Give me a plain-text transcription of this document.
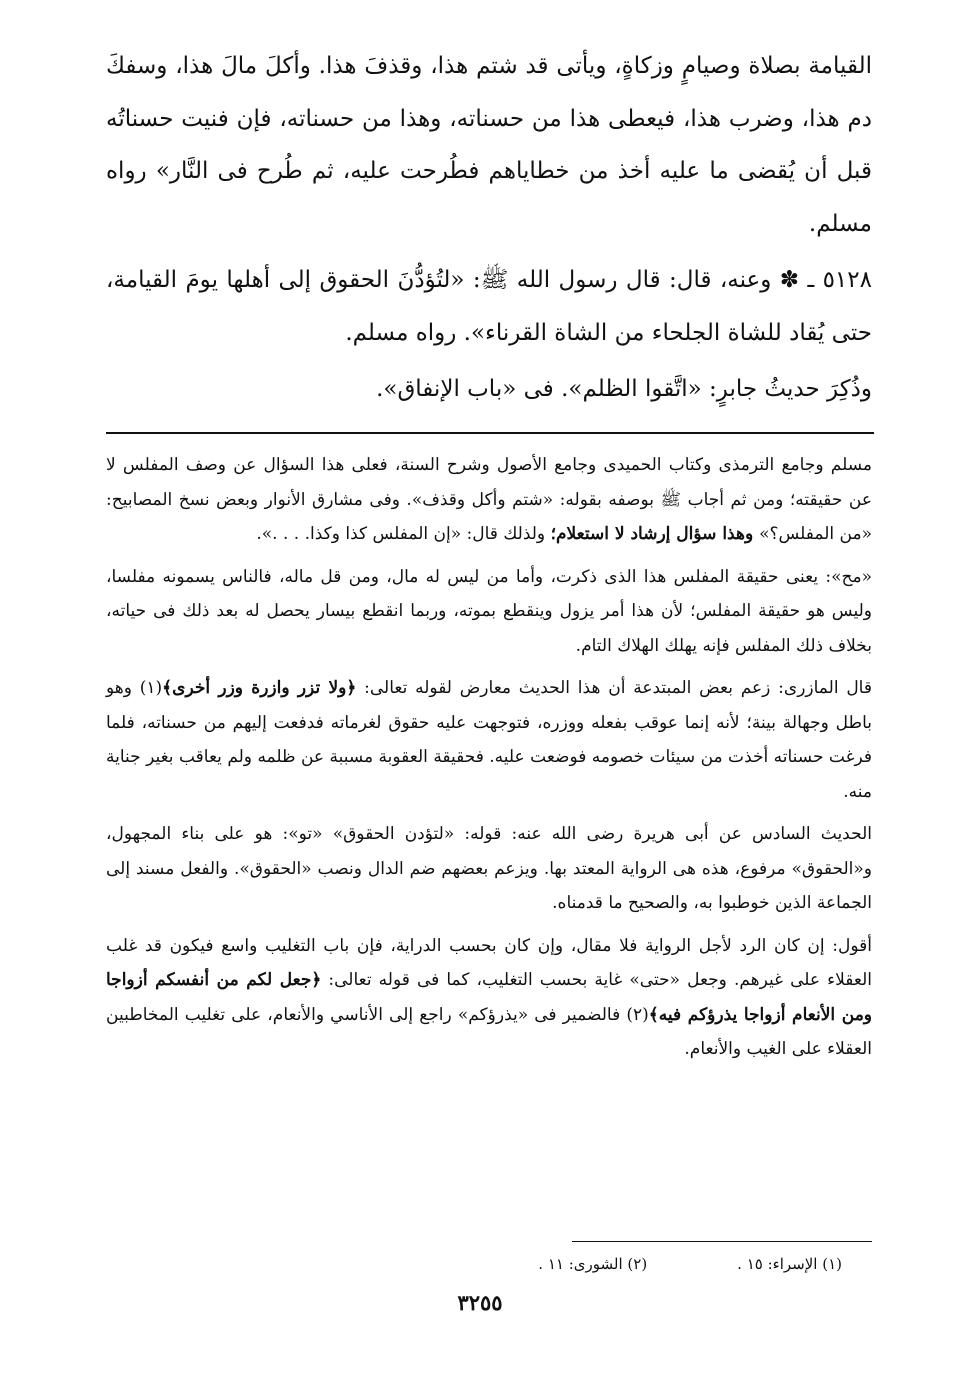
القيامة بصلاة وصيامٍ وزكاةٍ، ويأتى قد شتم هذا، وقذفَ هذا. وأكلَ مالَ هذا، وسفكَ دم هذا، وضرب هذا، فيعطى هذا من حسناته، وهذا من حسناته، فإن فنيت حسناتُه قبل أن يُقضى ما عليه أخذ من خطاياهم فطُرحت عليه، ثم طُرح فى النَّار» رواه مسلم.

٥١٢٨ ـ ✽ وعنه، قال: قال رسول الله ﷺ: «لتُؤدُّنَ الحقوق إلى أهلها يومَ القيامة، حتى يُقاد للشاة الجلحاء من الشاة القرناء». رواه مسلم.

وذُكِرَ حديثُ جابرٍ: «اتَّقوا الظلم». فى «باب الإنفاق».

مسلم وجامع الترمذى وكتاب الحميدى وجامع الأصول وشرح السنة، فعلى هذا السؤال عن وصف المفلس لا عن حقيقته؛ ومن ثم أجاب ﷺ بوصفه بقوله: «شتم وأكل وقذف». وفى مشارق الأنوار وبعض نسخ المصابيح: «من المفلس؟» وهذا سؤال إرشاد لا استعلام؛ ولذلك قال: «إن المفلس كذا وكذا. . . .».

«مح»: يعنى حقيقة المفلس هذا الذى ذكرت، وأما من ليس له مال، ومن قل ماله، فالناس يسمونه مفلسا، وليس هو حقيقة المفلس؛ لأن هذا أمر يزول وينقطع بموته، وربما انقطع بيسار يحصل له بعد ذلك فى حياته، بخلاف ذلك المفلس فإنه يهلك الهلاك التام.

قال المازرى: زعم بعض المبتدعة أن هذا الحديث معارض لقوله تعالى: ﴿ولا تزر وازرة وزر أخرى﴾(١) وهو باطل وجهالة بينة؛ لأنه إنما عوقب بفعله ووزره، فتوجهت عليه حقوق لغرماته فدفعت إليهم من حسناته، فلما فرغت حسناته أخذت من سيئات خصومه فوضعت عليه. فحقيقة العقوبة مسببة عن ظلمه ولم يعاقب بغير جناية منه.

الحديث السادس عن أبى هريرة رضى الله عنه: قوله: «لتؤدن الحقوق» «تو»: هو على بناء المجهول، و«الحقوق» مرفوع، هذه هى الرواية المعتد بها. ويزعم بعضهم ضم الدال ونصب «الحقوق». والفعل مسند إلى الجماعة الذين خوطبوا به، والصحيح ما قدمناه.

أقول: إن كان الرد لأجل الرواية فلا مقال، وإن كان بحسب الدراية، فإن باب التغليب واسع فيكون قد غلب العقلاء على غيرهم. وجعل «حتى» غاية بحسب التغليب، كما فى قوله تعالى: ﴿جعل لكم من أنفسكم أزواجا ومن الأنعام أزواجا يذرؤكم فيه﴾(٢) فالضمير فى «يذرؤكم» راجع إلى الأناسي والأنعام، على تغليب المخاطبين العقلاء على الغيب والأنعام.

(١) الإسراء: ١٥ .
(٢) الشورى: ١١ .
٣٢٥٥
